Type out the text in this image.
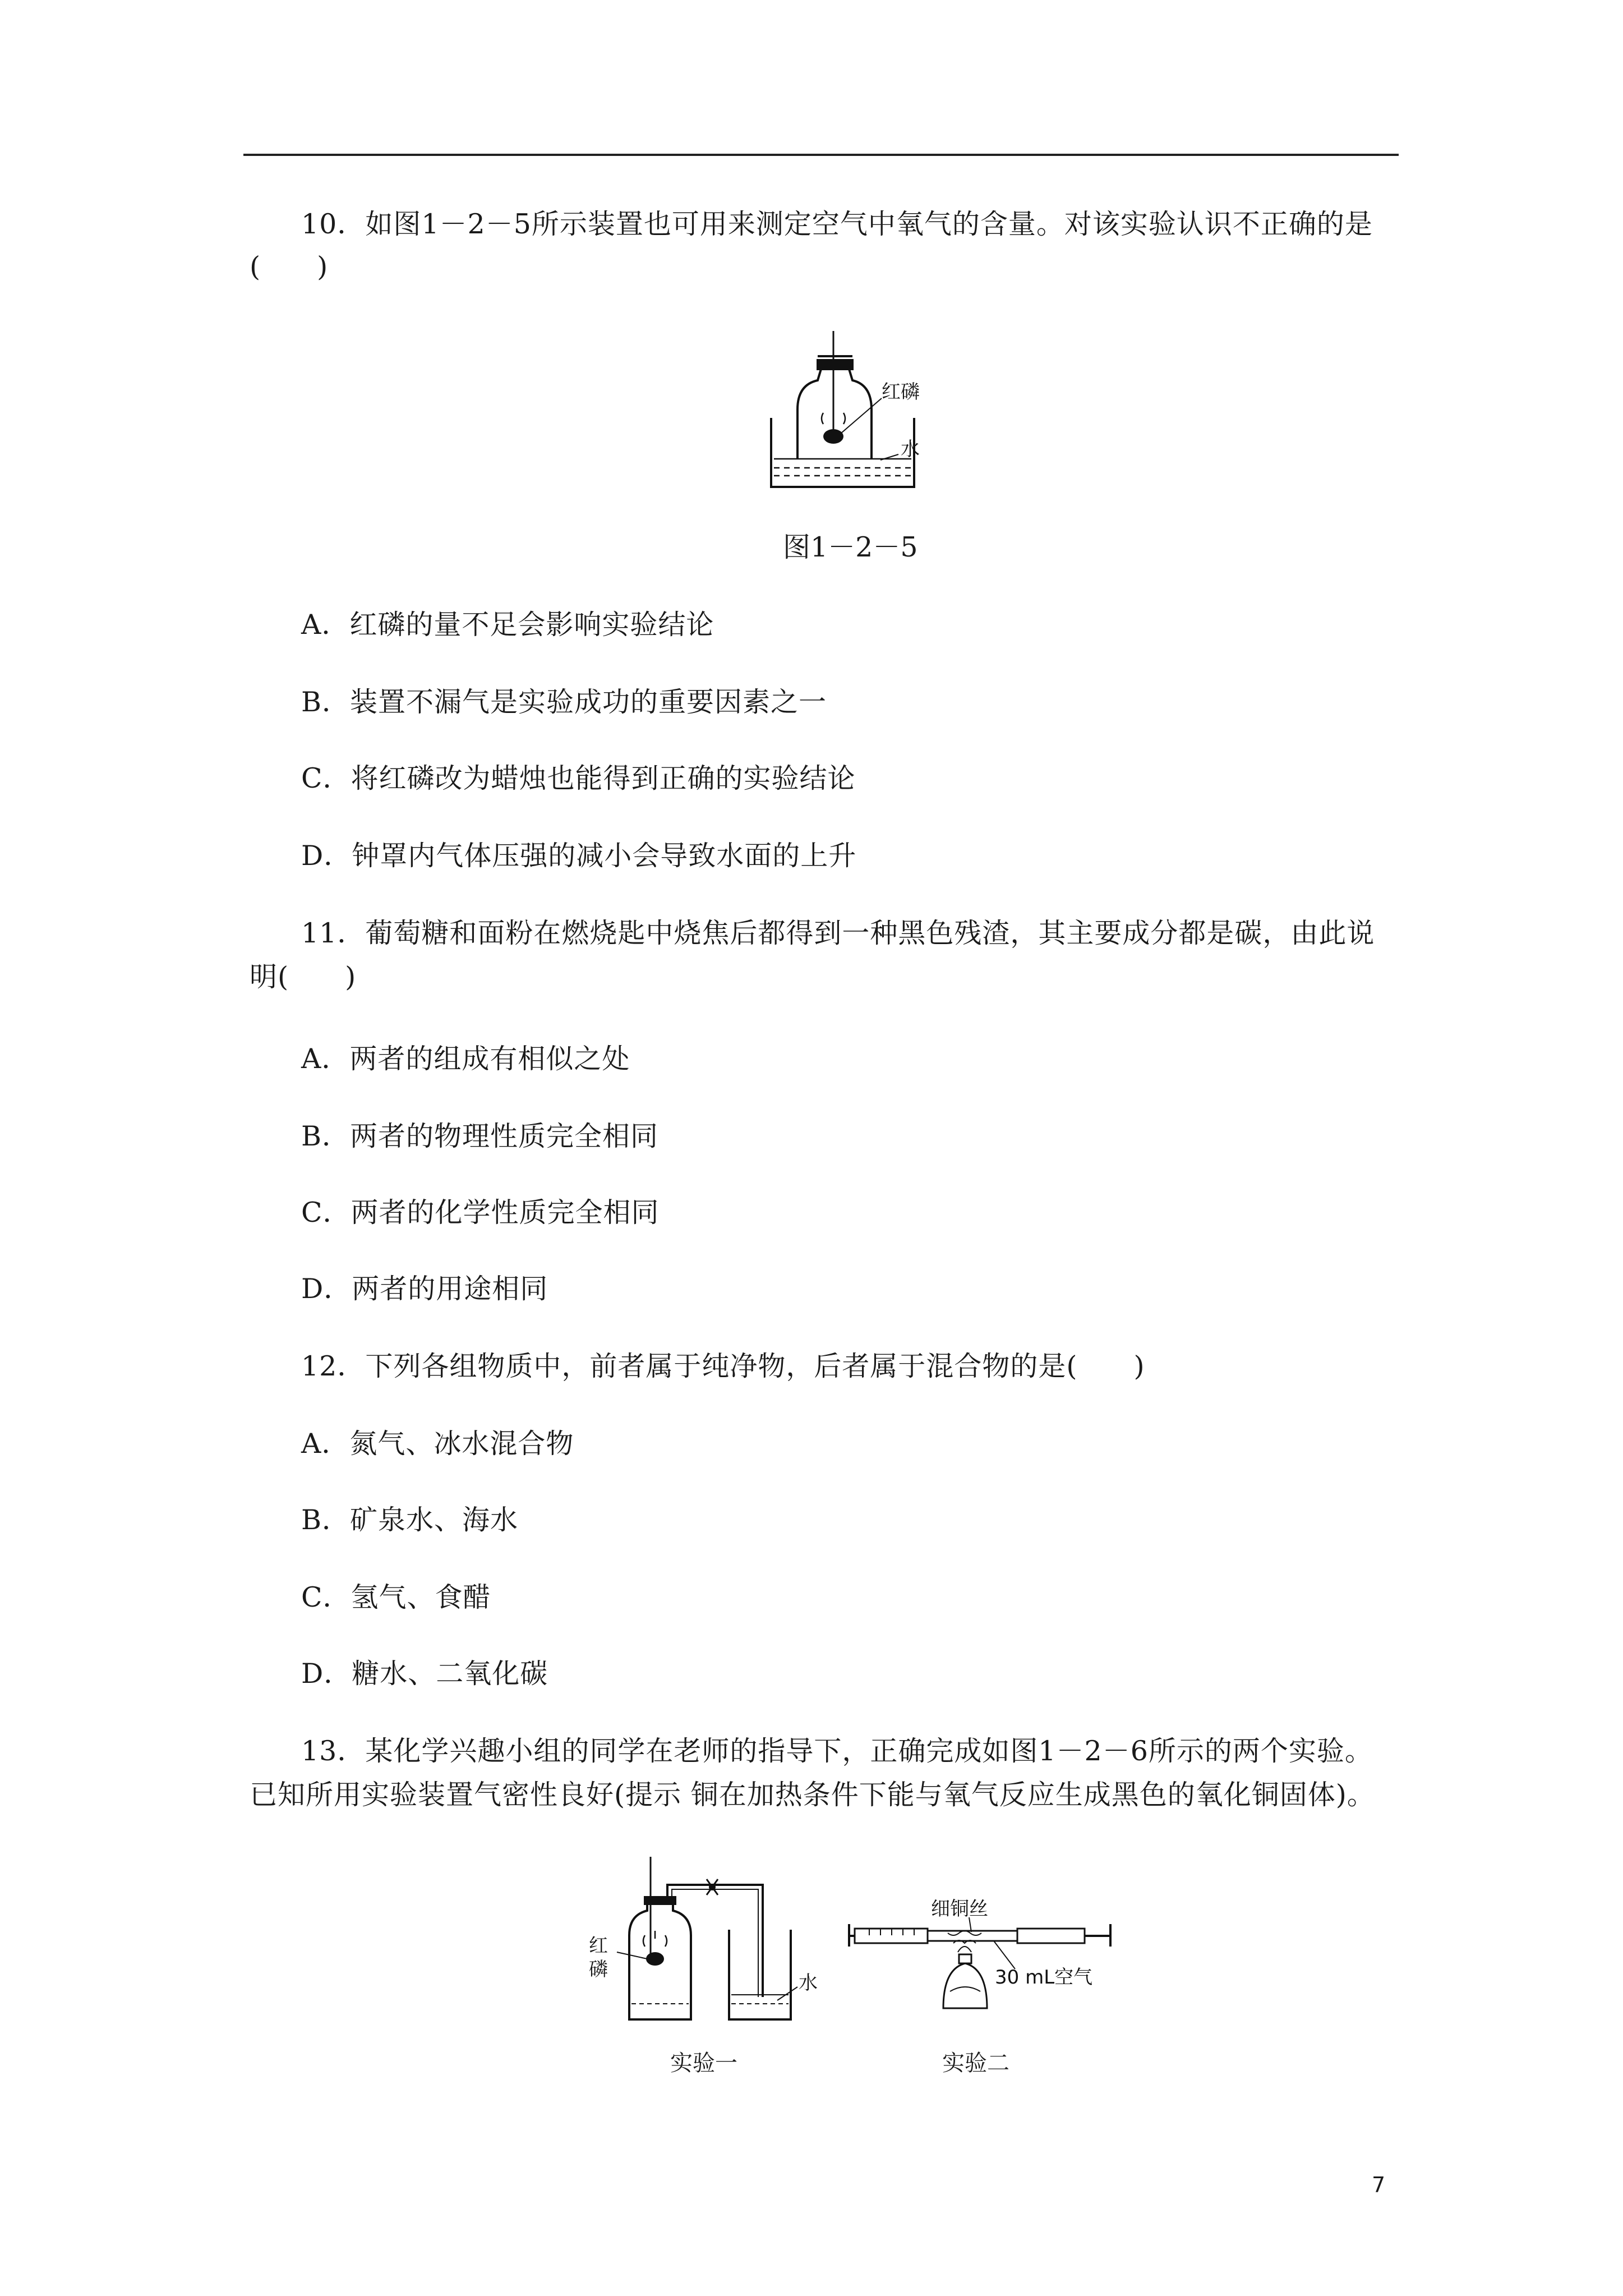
10．如图1－2－5所示装置也可用来测定空气中氧气的含量。对该实验认识不正确的是
(　　)
红磷
水
图1－2－5
A．红磷的量不足会影响实验结论
B．装置不漏气是实验成功的重要因素之一
C．将红磷改为蜡烛也能得到正确的实验结论
D．钟罩内气体压强的减小会导致水面的上升
11．葡萄糖和面粉在燃烧匙中烧焦后都得到一种黑色残渣，其主要成分都是碳，由此说
明(　　)
A．两者的组成有相似之处
B．两者的物理性质完全相同
C．两者的化学性质完全相同
D．两者的用途相同
12．下列各组物质中，前者属于纯净物，后者属于混合物的是(　　)
A．氮气、冰水混合物
B．矿泉水、海水
C．氢气、食醋
D．糖水、二氧化碳
13．某化学兴趣小组的同学在老师的指导下，正确完成如图1－2－6所示的两个实验。
已知所用实验装置气密性良好(提示 铜在加热条件下能与氧气反应生成黑色的氧化铜固体)。
红
磷
水
实验一
细铜丝
30 mL空气
实验二
7
